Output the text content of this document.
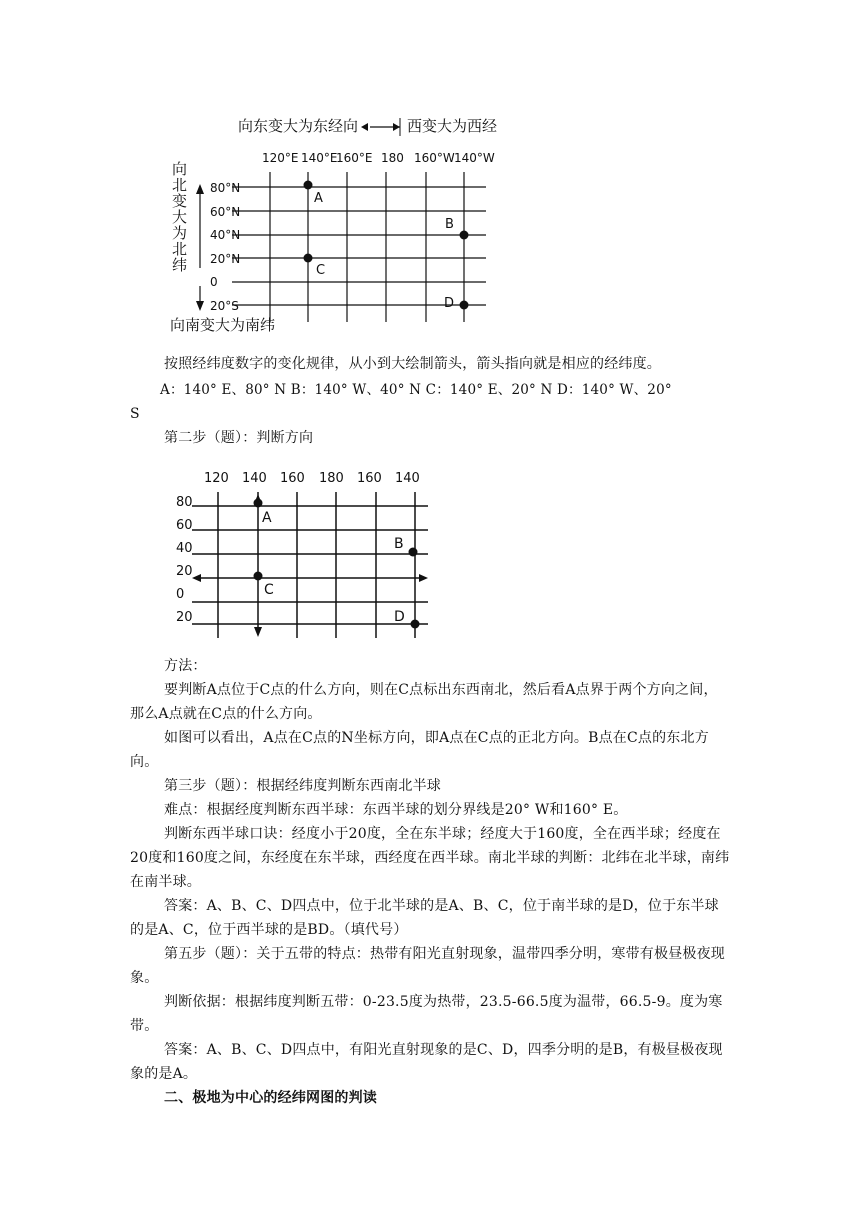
向东变大为东经向	西变大为西经
120°E 140°E
160°E 180 160°W 140°W
向
北
变
大
为
北
纬
80°N
60°N
40°N
20°N
0
20°S
A
B
C
D
向南变大为南纬

按照经纬度数字的变化规律，从小到大绘制箭头，箭头指向就是相应的经纬度。

A：140° E、80° N B：140° W、40° N C：140° E、20° N D：140° W、20°

S

第二步（题）：判断方向

120 140 160 180 160 140
80
60
40
20
0
20
A
B
C
D

方法：

要判断A点位于C点的什么方向，则在C点标出东西南北，然后看A点界于两个方向之间，那么A点就在C点的什么方向。

如图可以看出，A点在C点的N坐标方向，即A点在C点的正北方向。B点在C点的东北方向。

第三步（题）：根据经纬度判断东西南北半球

难点：根据经度判断东西半球：东西半球的划分界线是20° W和160° E。

判断东西半球口诀：经度小于20度，全在东半球；经度大于160度，全在西半球；经度在20度和160度之间，东经度在东半球，西经度在西半球。南北半球的判断：北纬在北半球，南纬在南半球。

答案：A、B、C、D四点中，位于北半球的是A、B、C，位于南半球的是D，位于东半球的是A、C，位于西半球的是BD。（填代号）

第五步（题）：关于五带的特点：热带有阳光直射现象，温带四季分明，寒带有极昼极夜现象。

判断依据：根据纬度判断五带：0-23.5度为热带，23.5-66.5度为温带，66.5-9。度为寒带。

答案：A、B、C、D四点中，有阳光直射现象的是C、D，四季分明的是B，有极昼极夜现象的是A。

二、极地为中心的经纬网图的判读
